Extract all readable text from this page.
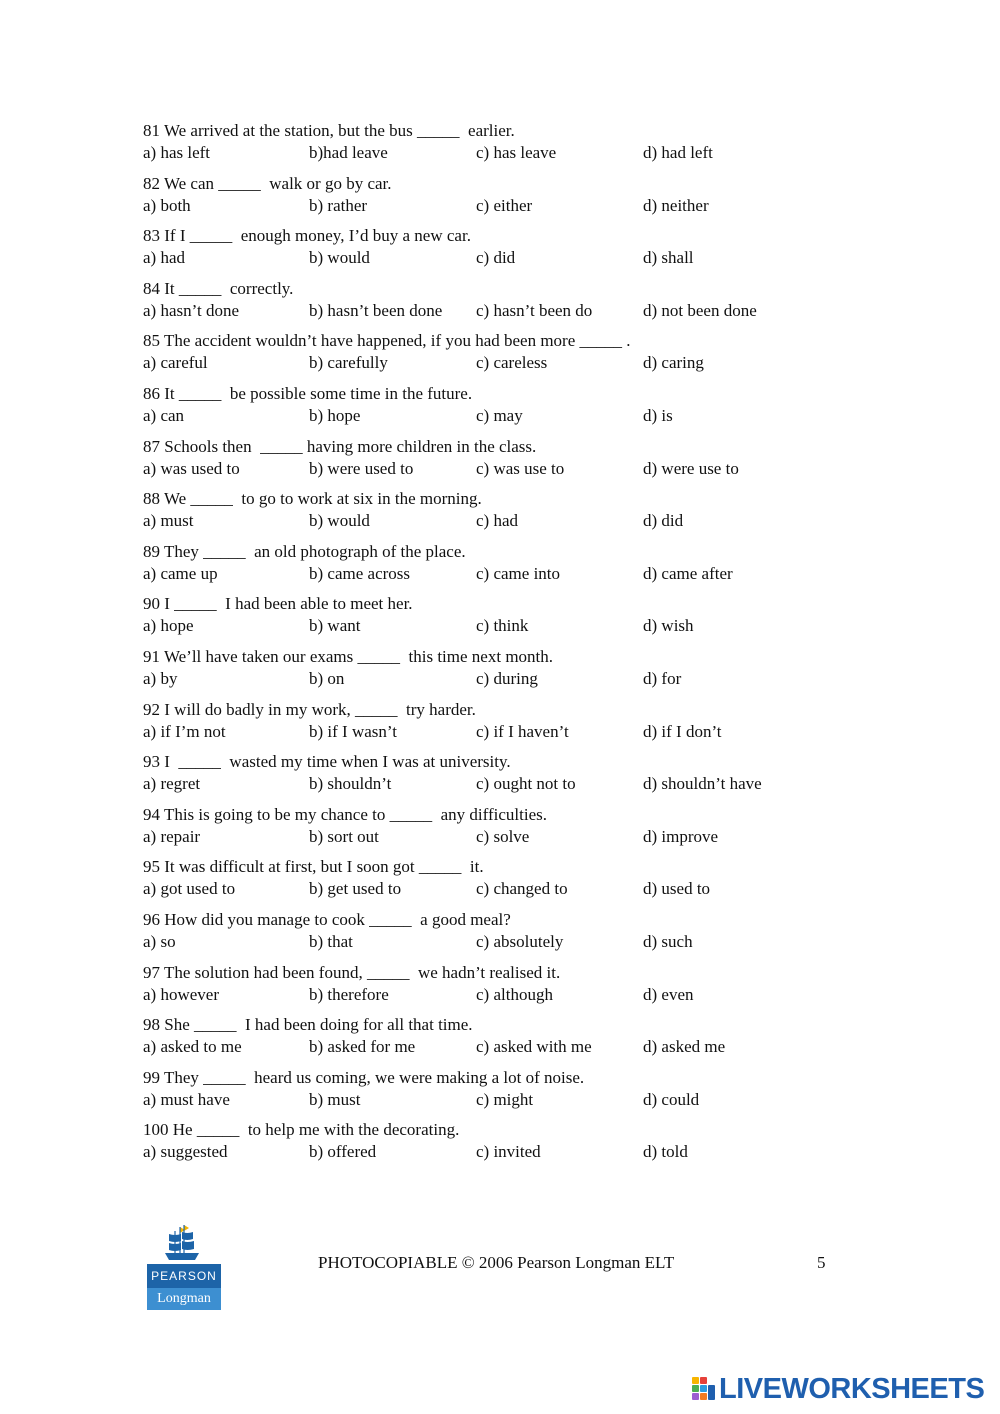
81 We arrived at the station, but the bus _____  earlier.
a) has left	b)had leave	c) has leave	d) had left
82 We can _____  walk or go by car.
a) both	b) rather	c) either	d) neither
83 If I _____  enough money, I’d buy a new car.
a) had	b) would	c) did	d) shall
84 It _____  correctly.
a) hasn’t done	b) hasn’t been done c) hasn’t been do	d) not been done
85 The accident wouldn’t have happened, if you had been more _____ .
a) careful	b) carefully	c) careless	d) caring
86 It _____  be possible some time in the future.
a) can	b) hope	c) may	d) is
87 Schools then  _____ having more children in the class.
a) was used to	b) were used to	c) was use to	d) were use to
88 We _____  to go to work at six in the morning.
a) must	b) would	c) had	d) did
89 They _____  an old photograph of the place.
a) came up	b) came across	c) came into	d) came after
90 I _____  I had been able to meet her.
a) hope	b) want	c) think	d) wish
91 We’ll have taken our exams _____  this time next month.
a) by	b) on	c) during	d) for
92 I will do badly in my work, _____  try harder.
a) if I’m not	b) if I wasn’t	c) if I haven’t	d) if I don’t
93 I  _____  wasted my time when I was at university.
a) regret	b) shouldn’t	c) ought not to	d) shouldn’t have
94 This is going to be my chance to _____  any difficulties.
a) repair	b) sort out	c) solve	d) improve
95 It was difficult at first, but I soon got _____  it.
a) got used to	b) get used to	c) changed to	d) used to
96 How did you manage to cook _____  a good meal?
a) so	b) that	c) absolutely	d) such
97 The solution had been found, _____  we hadn’t realised it.
a) however	b) therefore	c) although	d) even
98 She _____  I had been doing for all that time.
a) asked to me	b) asked for me	c) asked with me	d) asked me
99 They _____  heard us coming, we were making a lot of noise.
a) must have	b) must	c) might	d) could
100 He _____  to help me with the decorating.
a) suggested	b) offered	c) invited	d) told
PEARSON
Longman
PHOTOCOPIABLE © 2006 Pearson Longman ELT	5
LIVEWORKSHEETS
